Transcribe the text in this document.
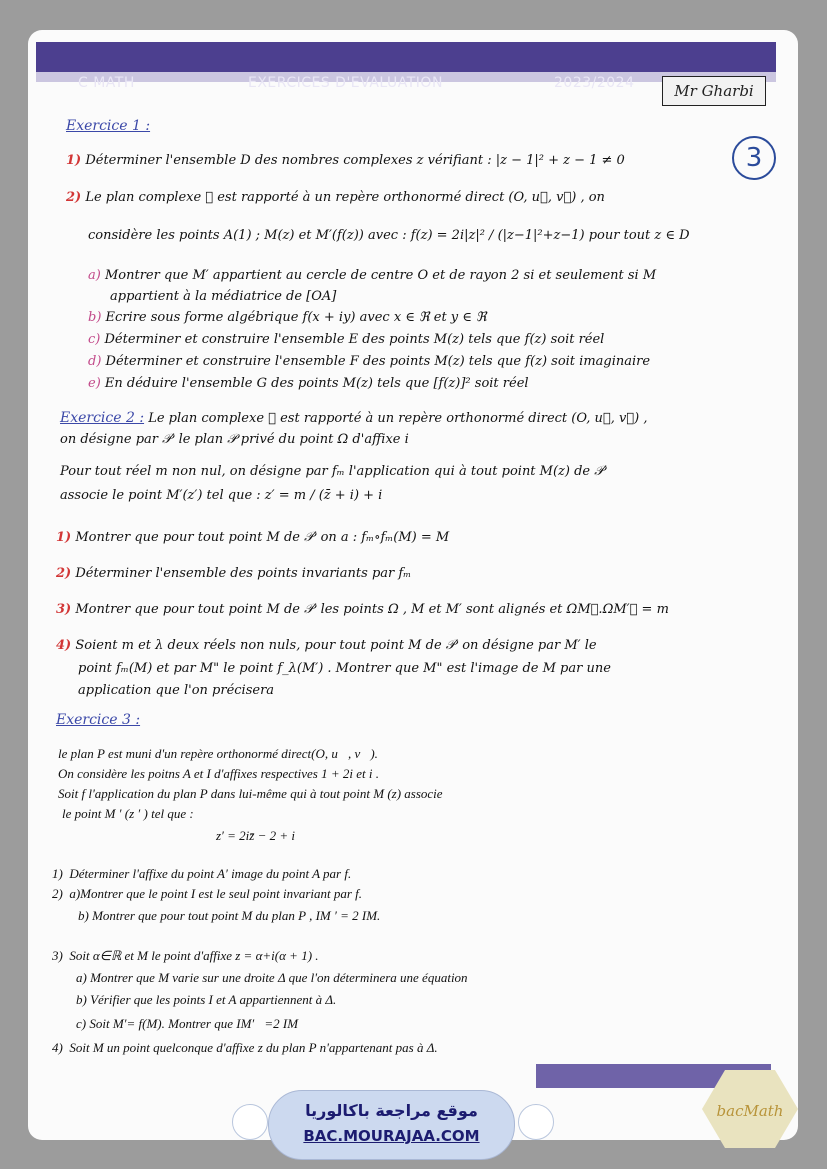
C MATH	EXERCICES D'EVALUATION	2023/2024	Mr Gharbi
3
Exercice 1 :
1) Déterminer l'ensemble D des nombres complexes z vérifiant : |z − 1|² + z − 1 ≠ 0
2) Le plan complexe 𝒫 est rapporté à un repère orthonormé direct (O, u⃗, v⃗) , on
considère les points A(1) ; M(z) et M′(f(z)) avec : f(z) = 2i|z|² / (|z−1|²+z−1) pour tout z ∈ D
a) Montrer que M′ appartient au cercle de centre O et de rayon 2 si et seulement si M
appartient à la médiatrice de [OA]
b) Ecrire sous forme algébrique f(x + iy) avec x ∈ ℜ et y ∈ ℜ
c) Déterminer et construire l'ensemble E des points M(z) tels que f(z) soit réel
d) Déterminer et construire l'ensemble F des points M(z) tels que f(z) soit imaginaire
e) En déduire l'ensemble G des points M(z) tels que [f(z)]² soit réel
Exercice 2 : Le plan complexe 𝒫 est rapporté à un repère orthonormé direct (O, u⃗, v⃗) ,
on désigne par 𝒫′ le plan 𝒫 privé du point Ω d'affixe i
Pour tout réel m non nul, on désigne par fₘ l'application qui à tout point M(z) de 𝒫′
associe le point M′(z′) tel que : z′ = m / (z̄ + i) + i
1) Montrer que pour tout point M de 𝒫′ on a : fₘ∘fₘ(M) = M
2) Déterminer l'ensemble des points invariants par fₘ
3) Montrer que pour tout point M de 𝒫′ les points Ω , M et M′ sont alignés et ΩM⃗.ΩM′⃗ = m
4) Soient m et λ deux réels non nuls, pour tout point M de 𝒫′ on désigne par M′ le
point fₘ(M) et par M" le point f_λ(M′) . Montrer que M" est l'image de M par une
application que l'on précisera
Exercice 3 :
le plan P est muni d'un repère orthonormé direct(O, u⃗, v⃗).
On considère les poitns A et I d'affixes respectives 1 + 2i et i .
Soit f l'application du plan P dans lui-même qui à tout point M (z) associe
le point M ′ (z ′ ) tel que :
z′ = 2iz̄ − 2 + i
1) Déterminer l'affixe du point A′ image du point A par f.
2) a)Montrer que le point I est le seul point invariant par f.
b) Montrer que pour tout point M du plan P , IM ′ = 2 IM.
3) Soit α∈ℝ et M le point d'affixe z = α+i(α + 1) .
a) Montrer que M varie sur une droite Δ que l'on déterminera une équation
b) Vérifier que les points I et A appartiennent à Δ.
c) Soit M′= f(M). Montrer que IM′⃗=2 IM⃗
4) Soit M un point quelconque d'affixe z du plan P n'appartenant pas à Δ.
موقع مراجعة باكالوريا
BAC.MOURAJAA.COM
bacMath
